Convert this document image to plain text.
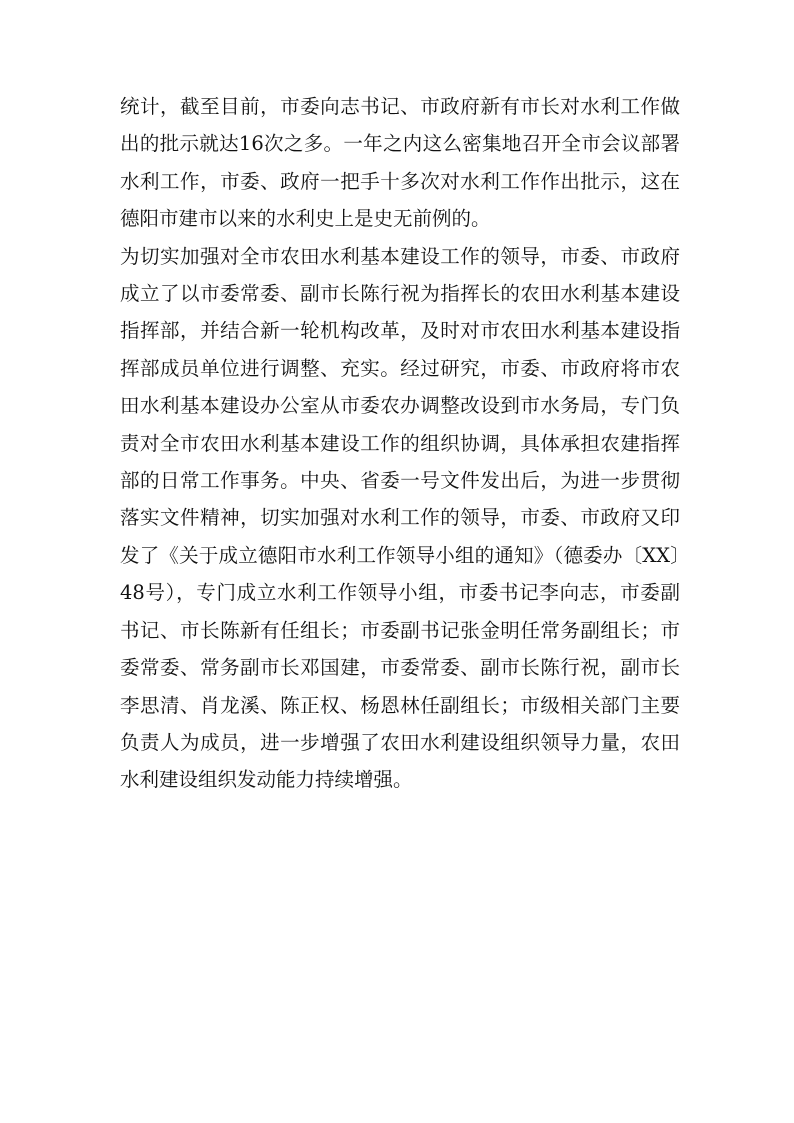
统计，截至目前，市委向志书记、市政府新有市长对水利工作做出的批示就达16次之多。一年之内这么密集地召开全市会议部署水利工作，市委、政府一把手十多次对水利工作作出批示，这在德阳市建市以来的水利史上是史无前例的。

为切实加强对全市农田水利基本建设工作的领导，市委、市政府成立了以市委常委、副市长陈行祝为指挥长的农田水利基本建设指挥部，并结合新一轮机构改革，及时对市农田水利基本建设指挥部成员单位进行调整、充实。经过研究，市委、市政府将市农田水利基本建设办公室从市委农办调整改设到市水务局，专门负责对全市农田水利基本建设工作的组织协调，具体承担农建指挥部的日常工作事务。中央、省委一号文件发出后，为进一步贯彻落实文件精神，切实加强对水利工作的领导，市委、市政府又印发了《关于成立德阳市水利工作领导小组的通知》（德委办〔XX〕48号），专门成立水利工作领导小组，市委书记李向志，市委副书记、市长陈新有任组长；市委副书记张金明任常务副组长；市委常委、常务副市长邓国建，市委常委、副市长陈行祝，副市长李思清、肖龙溪、陈正权、杨恩林任副组长；市级相关部门主要负责人为成员，进一步增强了农田水利建设组织领导力量，农田水利建设组织发动能力持续增强。
